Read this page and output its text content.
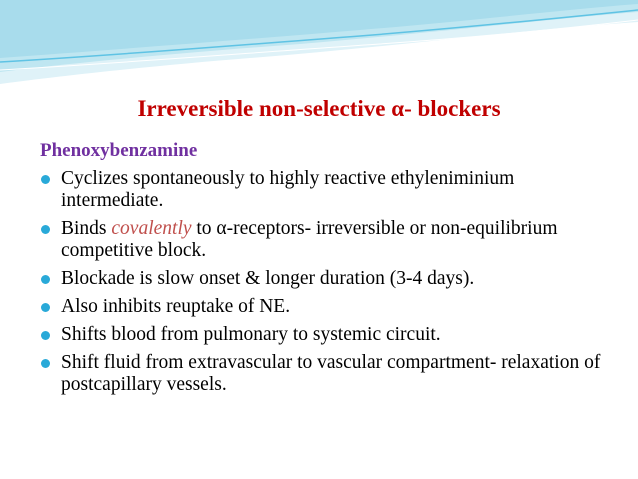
Irreversible non-selective α- blockers
Phenoxybenzamine
Cyclizes spontaneously to highly reactive ethyleniminium intermediate.
Binds covalently to α-receptors- irreversible or non-equilibrium competitive block.
Blockade is slow onset & longer duration (3-4 days).
Also inhibits reuptake of NE.
Shifts blood from pulmonary to systemic circuit.
Shift fluid from extravascular to vascular compartment- relaxation of postcapillary vessels.
